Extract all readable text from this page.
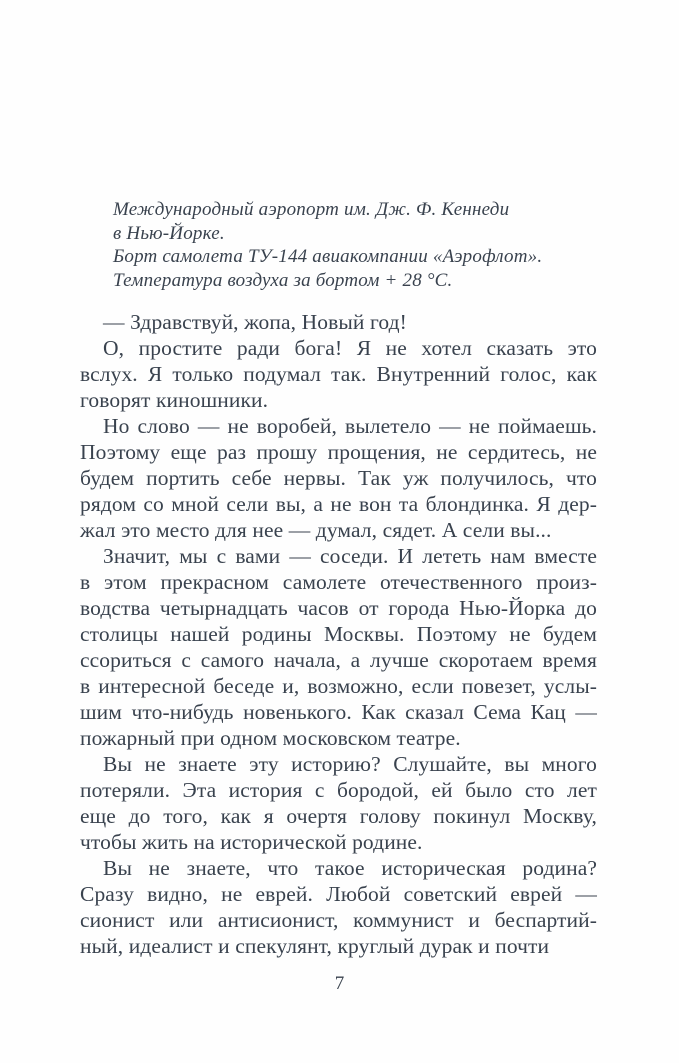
Международный аэропорт им. Дж. Ф. Кеннеди
в Нью-Йорке.
Борт самолета ТУ-144 авиакомпании «Аэрофлот».
Температура воздуха за бортом + 28 °С.

— Здравствуй, жопа, Новый год!

О, простите ради бога! Я не хотел сказать это
вслух. Я только подумал так. Внутренний голос, как
говорят киношники.

Но слово — не воробей, вылетело — не поймаешь.
Поэтому еще раз прошу прощения, не сердитесь, не
будем портить себе нервы. Так уж получилось, что
рядом со мной сели вы, а не вон та блондинка. Я дер-
жал это место для нее — думал, сядет. А сели вы...

Значит, мы с вами — соседи. И лететь нам вместе
в этом прекрасном самолете отечественного произ-
водства четырнадцать часов от города Нью-Йорка до
столицы нашей родины Москвы. Поэтому не будем
ссориться с самого начала, а лучше скоротаем время
в интересной беседе и, возможно, если повезет, услы-
шим что-нибудь новенького. Как сказал Сема Кац —
пожарный при одном московском театре.

Вы не знаете эту историю? Слушайте, вы много
потеряли. Эта история с бородой, ей было сто лет
еще до того, как я очертя голову покинул Москву,
чтобы жить на исторической родине.

Вы не знаете, что такое историческая родина?
Сразу видно, не еврей. Любой советский еврей —
сионист или антисионист, коммунист и беспартий-
ный, идеалист и спекулянт, круглый дурак и почти

7
